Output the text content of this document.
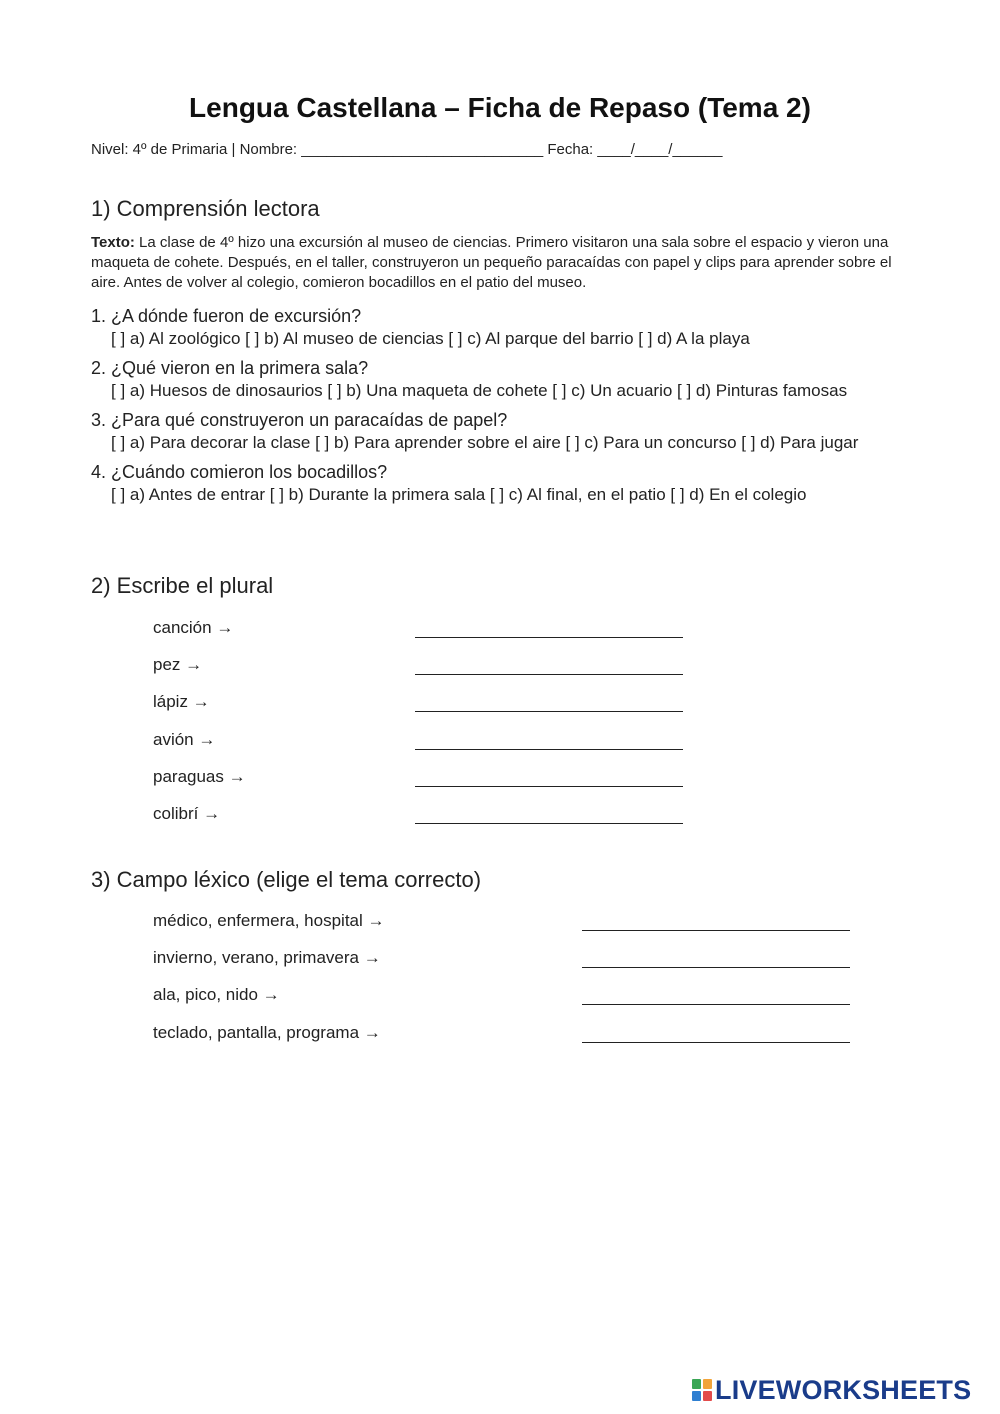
Lengua Castellana – Ficha de Repaso (Tema 2)
Nivel: 4º de Primaria | Nombre: _____________________________ Fecha: ____/____/______
1) Comprensión lectora
Texto: La clase de 4º hizo una excursión al museo de ciencias. Primero visitaron una sala sobre el espacio y vieron una maqueta de cohete. Después, en el taller, construyeron un pequeño paracaídas con papel y clips para aprender sobre el aire. Antes de volver al colegio, comieron bocadillos en el patio del museo.
1. ¿A dónde fueron de excursión?
[ ] a) Al zoológico [ ] b) Al museo de ciencias [ ] c) Al parque del barrio [ ] d) A la playa
2. ¿Qué vieron en la primera sala?
[ ] a) Huesos de dinosaurios [ ] b) Una maqueta de cohete [ ] c) Un acuario [ ] d) Pinturas famosas
3. ¿Para qué construyeron un paracaídas de papel?
[ ] a) Para decorar la clase [ ] b) Para aprender sobre el aire [ ] c) Para un concurso [ ] d) Para jugar
4. ¿Cuándo comieron los bocadillos?
[ ] a) Antes de entrar [ ] b) Durante la primera sala [ ] c) Al final, en el patio [ ] d) En el colegio
2) Escribe el plural
canción →
pez →
lápiz →
avión →
paraguas →
colibrí →
3) Campo léxico (elige el tema correcto)
médico, enfermera, hospital →
invierno, verano, primavera →
ala, pico, nido →
teclado, pantalla, programa →
LIVEWORKSHEETS
